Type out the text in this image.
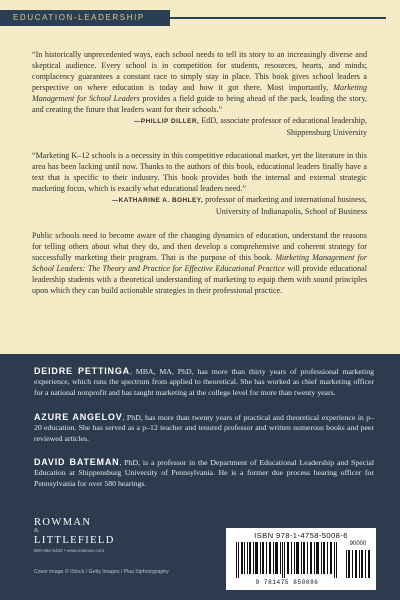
EDUCATION-LEADERSHIP
“In historically unprecedented ways, each school needs to tell its story to an increasingly diverse and skeptical audience. Every school is in competition for students, resources, hearts, and minds; complacency guarantees a constant race to simply stay in place. This book gives school leaders a perspective on where education is today and how it got there. Most importantly, Marketing Management for School Leaders provides a field guide to being ahead of the pack, leading the story, and creating the future that leaders want for their schools.”
—PHILLIP DILLER, EdD, associate professor of educational leadership,
Shippensburg University
“Marketing K–12 schools is a necessity in this competitive educational market, yet the literature in this area has been lacking until now. Thanks to the authors of this book, educational leaders finally have a text that is specific to their industry. This book provides both the internal and external strategic marketing focus, which is exactly what educational leaders need.”
—KATHARINE A. BOHLEY, professor of marketing and international business,
University of Indianapolis, School of Business
Public schools need to become aware of the changing dynamics of education, understand the reasons for telling others about what they do, and then develop a comprehensive and coherent strategy for successfully marketing their program. That is the purpose of this book. Marketing Management for School Leaders: The Theory and Practice for Effective Educational Practice will provide educational leadership students with a theoretical understanding of marketing to equip them with sound principles upon which they can build actionable strategies in their professional practice.
DEIDRE PETTINGA, MBA, MA, PhD, has more than thirty years of professional marketing experience, which runs the spectrum from applied to theoretical. She has worked as chief marketing officer for a national nonprofit and has taught marketing at the college level for more than twenty years.
AZURE ANGELOV, PhD, has more than twenty years of practical and theoretical experience in p–20 education. She has served as a p–12 teacher and tenured professor and written numerous books and peer reviewed articles.
DAVID BATEMAN, PhD, is a professor in the Department of Educational Leadership and Special Education at Shippensburg University of Pennsylvania. He is a former due process hearing officer for Pennsylvania for over 580 hearings.
ROWMAN
&
LITTLEFIELD
800-462-6420 • www.rowman.com
Cover image © iStock / Getty Images / Plus Siphotography
ISBN 978-1-4758-5008-6
90000
9 781475 850086
